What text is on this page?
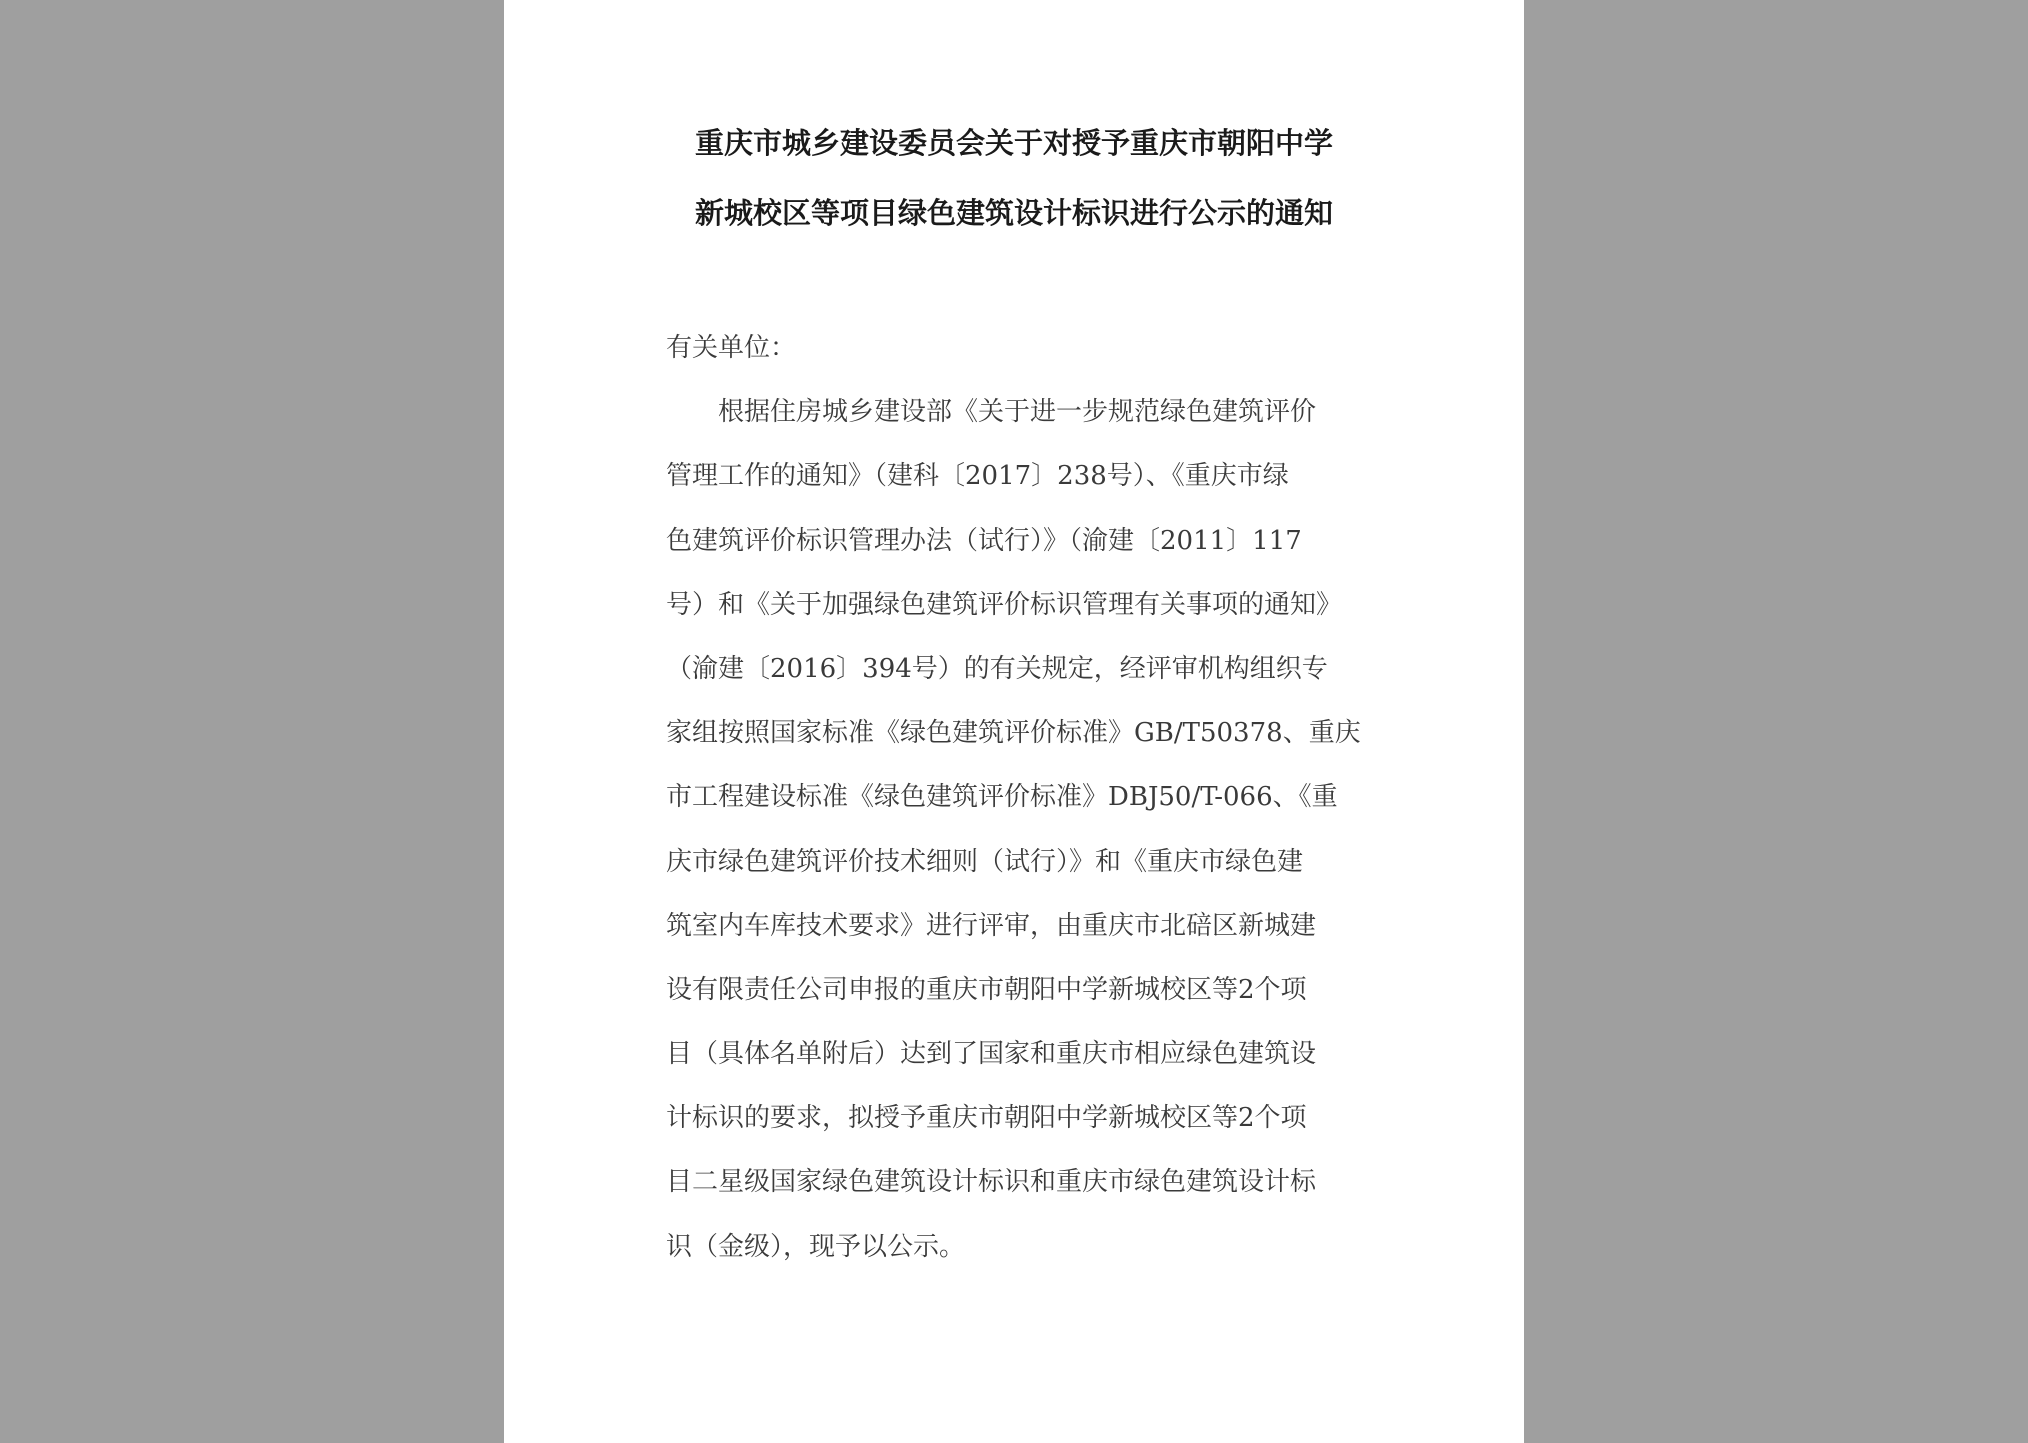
重庆市城乡建设委员会关于对授予重庆市朝阳中学
新城校区等项目绿色建筑设计标识进行公示的通知
有关单位：
　　根据住房城乡建设部《关于进一步规范绿色建筑评价
管理工作的通知》（建科〔2017〕238号）、《重庆市绿
色建筑评价标识管理办法（试行）》（渝建〔2011〕117
号）和《关于加强绿色建筑评价标识管理有关事项的通知》
（渝建〔2016〕394号）的有关规定，经评审机构组织专
家组按照国家标准《绿色建筑评价标准》GB/T50378、重庆
市工程建设标准《绿色建筑评价标准》DBJ50/T-066、《重
庆市绿色建筑评价技术细则（试行）》和《重庆市绿色建
筑室内车库技术要求》进行评审，由重庆市北碚区新城建
设有限责任公司申报的重庆市朝阳中学新城校区等2个项
目（具体名单附后）达到了国家和重庆市相应绿色建筑设
计标识的要求，拟授予重庆市朝阳中学新城校区等2个项
目二星级国家绿色建筑设计标识和重庆市绿色建筑设计标
识（金级），现予以公示。
